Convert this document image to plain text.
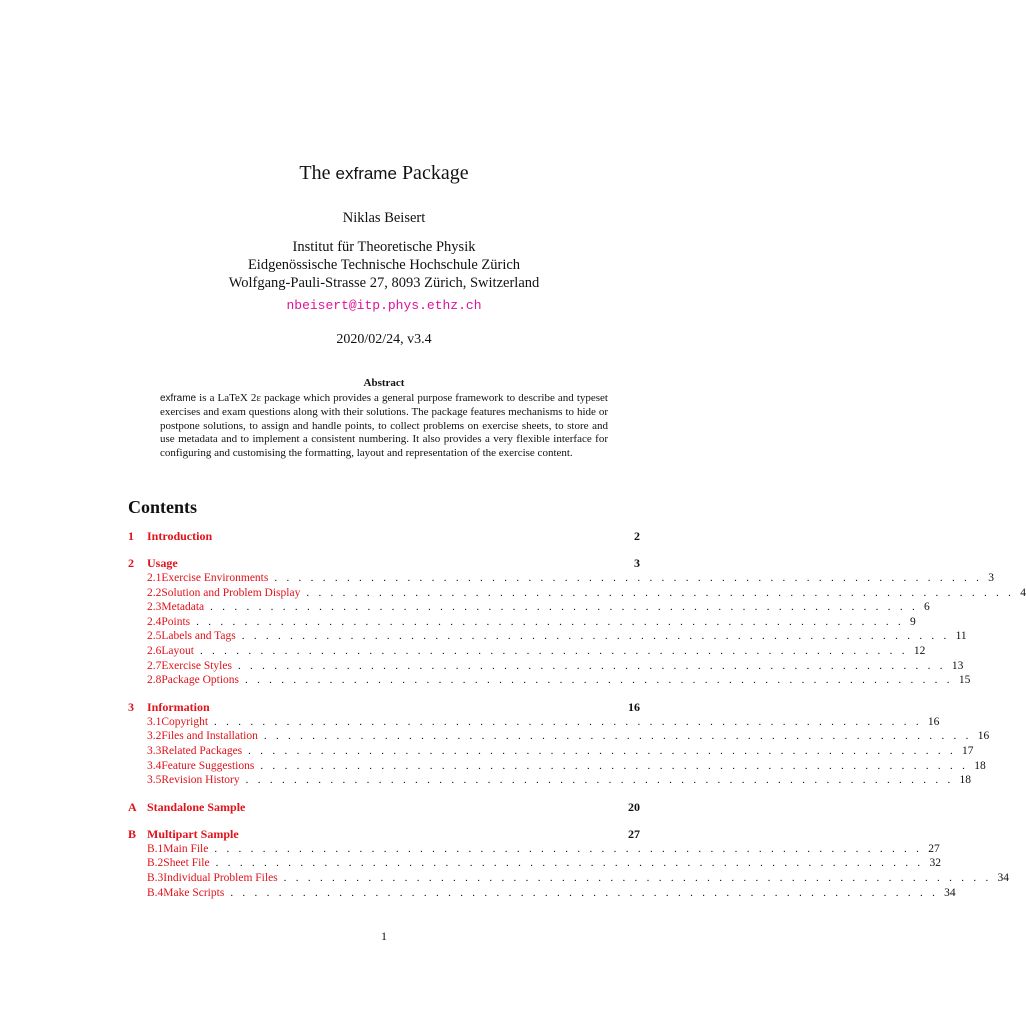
The exframe Package
Niklas Beisert
Institut für Theoretische Physik
Eidgenössische Technische Hochschule Zürich
Wolfgang-Pauli-Strasse 27, 8093 Zürich, Switzerland
nbeisert@itp.phys.ethz.ch
2020/02/24, v3.4
Abstract
exframe is a LaTeX 2ε package which provides a general purpose framework to describe and typeset exercises and exam questions along with their solutions. The package features mechanisms to hide or postpone solutions, to assign and handle points, to collect problems on exercise sheets, to store and use metadata and to implement a consistent numbering. It also provides a very flexible interface for configuring and customising the formatting, layout and representation of the exercise content.
Contents
1	Introduction	2
2	Usage	3
2.1 Exercise Environments . . . . . . . . . . . . . . . . . . . . . . . . . . . . . . . . . . . . . . . . . . . . . . . . . . . . . . . . . . . 3
2.2 Solution and Problem Display . . . . . . . . . . . . . . . . . . . . . . . . . . . . . . . . . . . . . . . . . . . . . . . . . . . . . . . . . . . 4
2.3 Metadata . . . . . . . . . . . . . . . . . . . . . . . . . . . . . . . . . . . . . . . . . . . . . . . . . . . . . . . . . . . 6
2.4 Points . . . . . . . . . . . . . . . . . . . . . . . . . . . . . . . . . . . . . . . . . . . . . . . . . . . . . . . . . . . 9
2.5 Labels and Tags . . . . . . . . . . . . . . . . . . . . . . . . . . . . . . . . . . . . . . . . . . . . . . . . . . . . . . . . . . . 11
2.6 Layout . . . . . . . . . . . . . . . . . . . . . . . . . . . . . . . . . . . . . . . . . . . . . . . . . . . . . . . . . . . 12
2.7 Exercise Styles . . . . . . . . . . . . . . . . . . . . . . . . . . . . . . . . . . . . . . . . . . . . . . . . . . . . . . . . . . . 13
2.8 Package Options . . . . . . . . . . . . . . . . . . . . . . . . . . . . . . . . . . . . . . . . . . . . . . . . . . . . . . . . . . . 15
3	Information	16
3.1 Copyright . . . . . . . . . . . . . . . . . . . . . . . . . . . . . . . . . . . . . . . . . . . . . . . . . . . . . . . . . . . 16
3.2 Files and Installation . . . . . . . . . . . . . . . . . . . . . . . . . . . . . . . . . . . . . . . . . . . . . . . . . . . . . . . . . . . 16
3.3 Related Packages . . . . . . . . . . . . . . . . . . . . . . . . . . . . . . . . . . . . . . . . . . . . . . . . . . . . . . . . . . . 17
3.4 Feature Suggestions . . . . . . . . . . . . . . . . . . . . . . . . . . . . . . . . . . . . . . . . . . . . . . . . . . . . . . . . . . . 18
3.5 Revision History . . . . . . . . . . . . . . . . . . . . . . . . . . . . . . . . . . . . . . . . . . . . . . . . . . . . . . . . . . . 18
A Standalone Sample	20
B Multipart Sample	27
B.1 Main File . . . . . . . . . . . . . . . . . . . . . . . . . . . . . . . . . . . . . . . . . . . . . . . . . . . . . . . . . . . 27
B.2 Sheet File . . . . . . . . . . . . . . . . . . . . . . . . . . . . . . . . . . . . . . . . . . . . . . . . . . . . . . . . . . . 32
B.3 Individual Problem Files . . . . . . . . . . . . . . . . . . . . . . . . . . . . . . . . . . . . . . . . . . . . . . . . . . . . . . . . . . . 34
B.4 Make Scripts . . . . . . . . . . . . . . . . . . . . . . . . . . . . . . . . . . . . . . . . . . . . . . . . . . . . . . . . . . . 34
1
